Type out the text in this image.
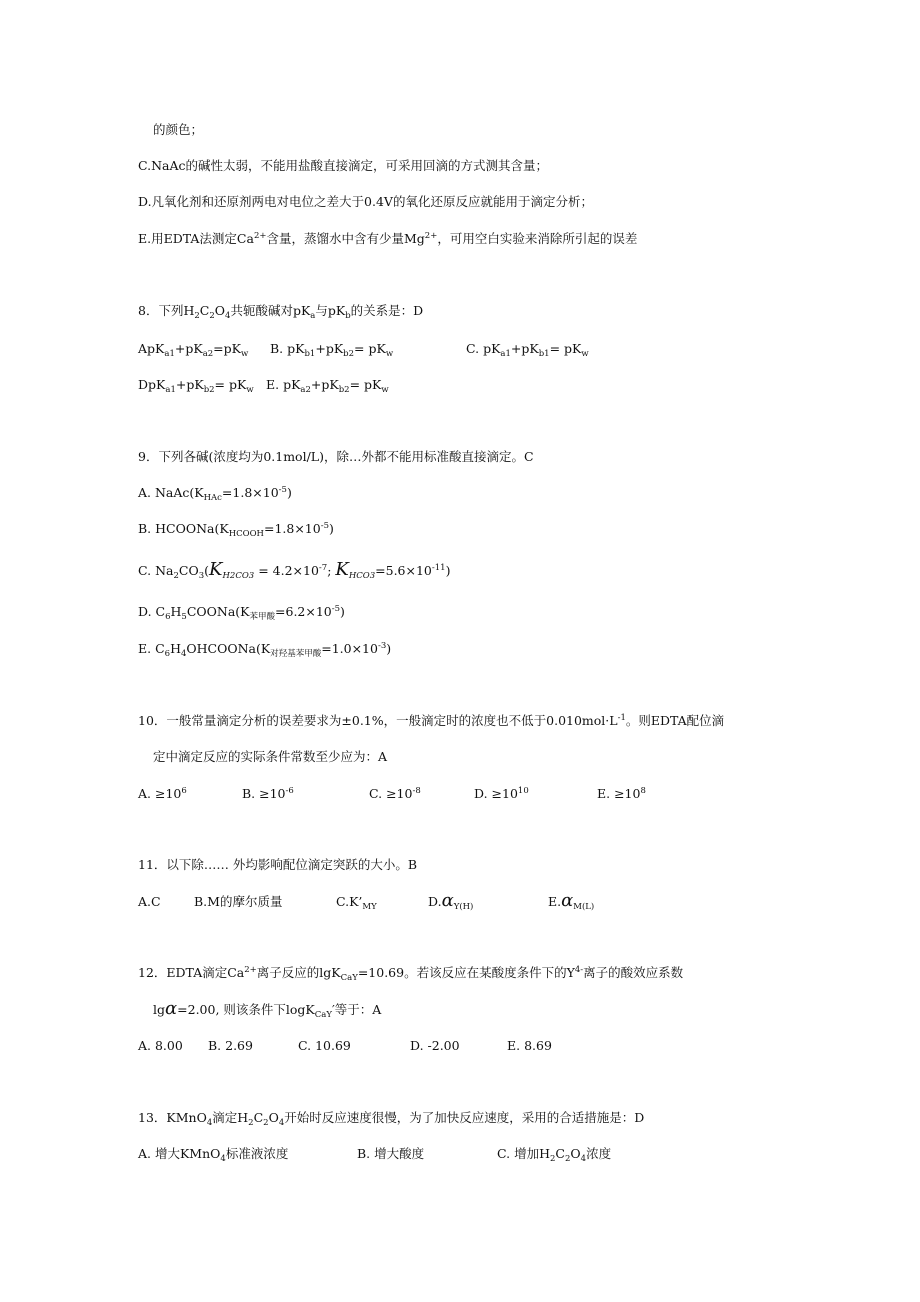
的颜色；
C.NaAc的碱性太弱，不能用盐酸直接滴定，可采用回滴的方式测其含量；
D.凡氧化剂和还原剂两电对电位之差大于0.4V的氧化还原反应就能用于滴定分析；
E.用EDTA法测定$Ca^{2+}$含量，蒸馏水中含有少量$Mg^{2+}$，可用空白实验来消除所引起的误差
8．下列$H_2C_2O_4$共轭酸碱对$pK_a$与$pK_b$的关系是：D
$ApK_{a1}+pK_{a2}=pK_w$ B. $pK_{b1}+pK_{b2}= pK_w$	C. $pK_{a1}+pK_{b1}= pK_w$
$DpK_{a1}+pK_{b2}= pK_w$ E. $pK_{a2}+pK_{b2}= pK_w$
9．下列各碱(浓度均为0.1mol/L)，除…外都不能用标准酸直接滴定。C
A. $NaAc(K_{HAc}=1.8\times 10^{-5})$
B. $HCOONa(K_{HCOOH}=1.8\times 10^{-5})$
C. $Na_2CO_3(K_{H2CO3} = 4.2\times 10^{-7}$; $K_{HCO3}=5.6\times 10^{-11}$)
D. $C_6H_5COONa(K_{苯甲酸}=6.2\times 10^{-5})$
E. $C_6H_4OHCOONa(K_{对羟基苯甲酸}=1.0\times 10^{-3})$
10．一般常量滴定分析的误差要求为±0.1%，一般滴定时的浓度也不低于$0.010mol\cdot L^{-1}$。则EDTA配位滴
定中滴定反应的实际条件常数至少应为：A
A. $\ge 10^6$	B. $\ge 10^{-6}$	C. $\ge 10^{-8}$	D. $\ge 10^{10}$	E. $\ge 10^8$
11．以下除…… 外均影响配位滴定突跃的大小。B
A.C	B.M的摩尔质量	$C.K’_{MY}$	$D.\alpha_{Y(H)}$	$E.\alpha_{M(L)}$
12．EDTA滴定$Ca^{2+}$离子反应的lgK$_{CaY}$=10.69。若该反应在某酸度条件下的$Y^{4-}$离子的酸效应系数
lgα=2.00, 则该条件下logK$_{CaY}$′等于：A
A. 8.00 B. 2.69	C. 10.69	D. -2.00	E. 8.69
13．KMnO$_4$滴定$H_2C_2O_4$开始时反应速度很慢，为了加快反应速度，采用的合适措施是：D
A. 增大KMnO$_4$标准液浓度	B. 增大酸度	C. 增加$H_2C_2O_4$浓度
